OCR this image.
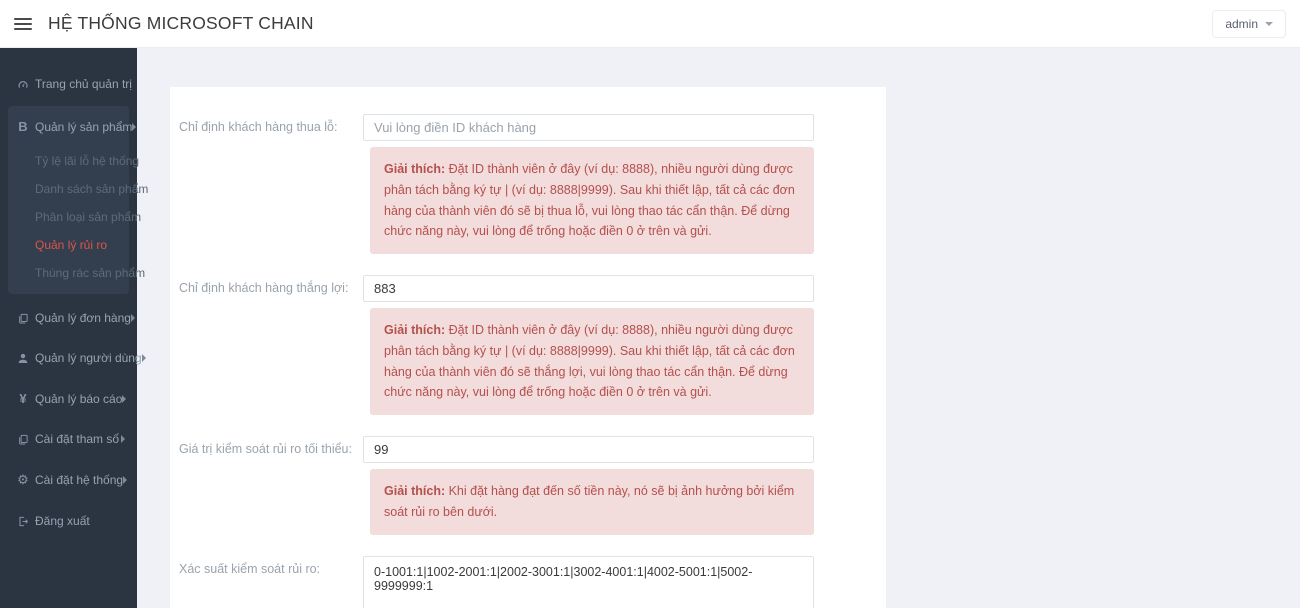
HỆ THỐNG MICROSOFT CHAIN	admin
Trang chủ quản trị
B Quản lý sản phẩm
Tỷ lệ lãi lỗ hệ thống
Danh sách sản phẩm
Phân loại sản phẩm
Quản lý rủi ro
Thùng rác sản phẩm
Quản lý đơn hàng
Quản lý người dùng
¥ Quản lý báo cáo
Cài đặt tham số
⚙ Cài đặt hệ thống
Đăng xuất
Chỉ định khách hàng thua lỗ:
Vui lòng điền ID khách hàng
Giải thích: Đặt ID thành viên ở đây (ví dụ: 8888), nhiều người dùng được phân tách bằng ký tự | (ví dụ: 8888|9999). Sau khi thiết lập, tất cả các đơn hàng của thành viên đó sẽ bị thua lỗ, vui lòng thao tác cẩn thận. Để dừng chức năng này, vui lòng để trống hoặc điền 0 ở trên và gửi.
Chỉ định khách hàng thắng lợi:
883
Giải thích: Đặt ID thành viên ở đây (ví dụ: 8888), nhiều người dùng được phân tách bằng ký tự | (ví dụ: 8888|9999). Sau khi thiết lập, tất cả các đơn hàng của thành viên đó sẽ thắng lợi, vui lòng thao tác cẩn thận. Để dừng chức năng này, vui lòng để trống hoặc điền 0 ở trên và gửi.
Giá trị kiểm soát rủi ro tối thiểu:
99
Giải thích: Khi đặt hàng đạt đến số tiền này, nó sẽ bị ảnh hưởng bởi kiểm soát rủi ro bên dưới.
Xác suất kiểm soát rủi ro:
0-1001:1|1002-2001:1|2002-3001:1|3002-4001:1|4002-5001:1|5002-9999999:1
